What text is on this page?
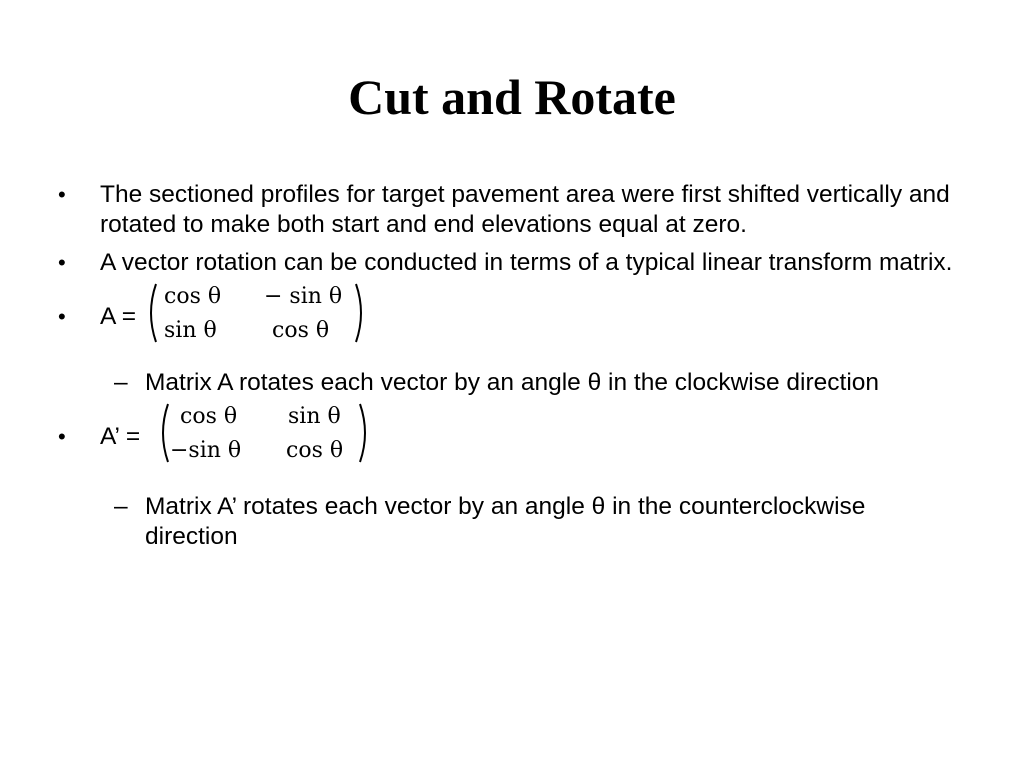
Cut and Rotate
• The sectioned profiles for target pavement area were first shifted vertically and rotated to make both start and end elevations equal at zero.
• A vector rotation can be conducted in terms of a typical linear transform matrix.
• A =
cos θ − sin θ
sin θ	cos θ
– Matrix A rotates each vector by an angle θ in the clockwise direction
• A’ =
cos θ sin θ
−sin θ cos θ
– Matrix A’ rotates each vector by an angle θ in the counterclockwise direction
